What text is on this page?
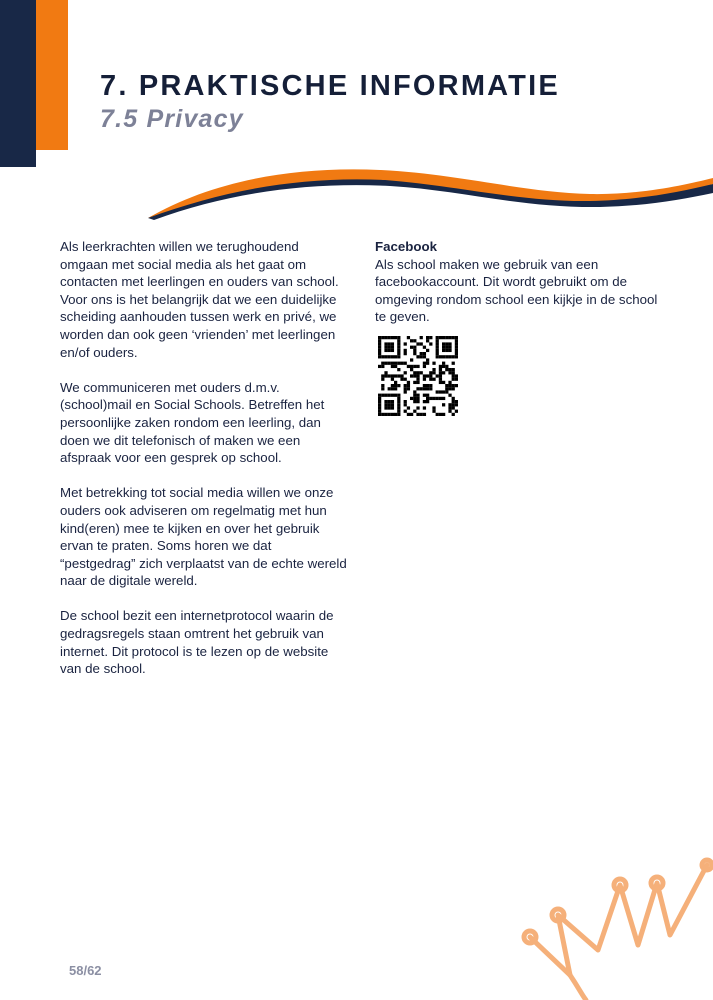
7. PRAKTISCHE INFORMATIE
7.5 Privacy

Als leerkrachten willen we terughoudend omgaan met social media als het gaat om contacten met leerlingen en ouders van school. Voor ons is het belangrijk dat we een duidelijke scheiding aanhouden tussen werk en privé, we worden dan ook geen ‘vrienden’ met leerlingen en/of ouders.

We communiceren met ouders d.m.v. (school)mail en Social Schools. Betreffen het persoonlijke zaken rondom een leerling, dan doen we dit telefonisch of maken we een afspraak voor een gesprek op school.

Met betrekking tot social media willen we onze ouders ook adviseren om regelmatig met hun kind(eren) mee te kijken en over het gebruik ervan te praten. Soms horen we dat “pestgedrag” zich verplaatst van de echte wereld naar de digitale wereld.

De school bezit een internetprotocol waarin de gedragsregels staan omtrent het gebruik van internet. Dit protocol is te lezen op de website van de school.

Facebook

Als school maken we gebruik van een facebookaccount. Dit wordt gebruikt om de omgeving rondom school een kijkje in de school te geven.

58/62
